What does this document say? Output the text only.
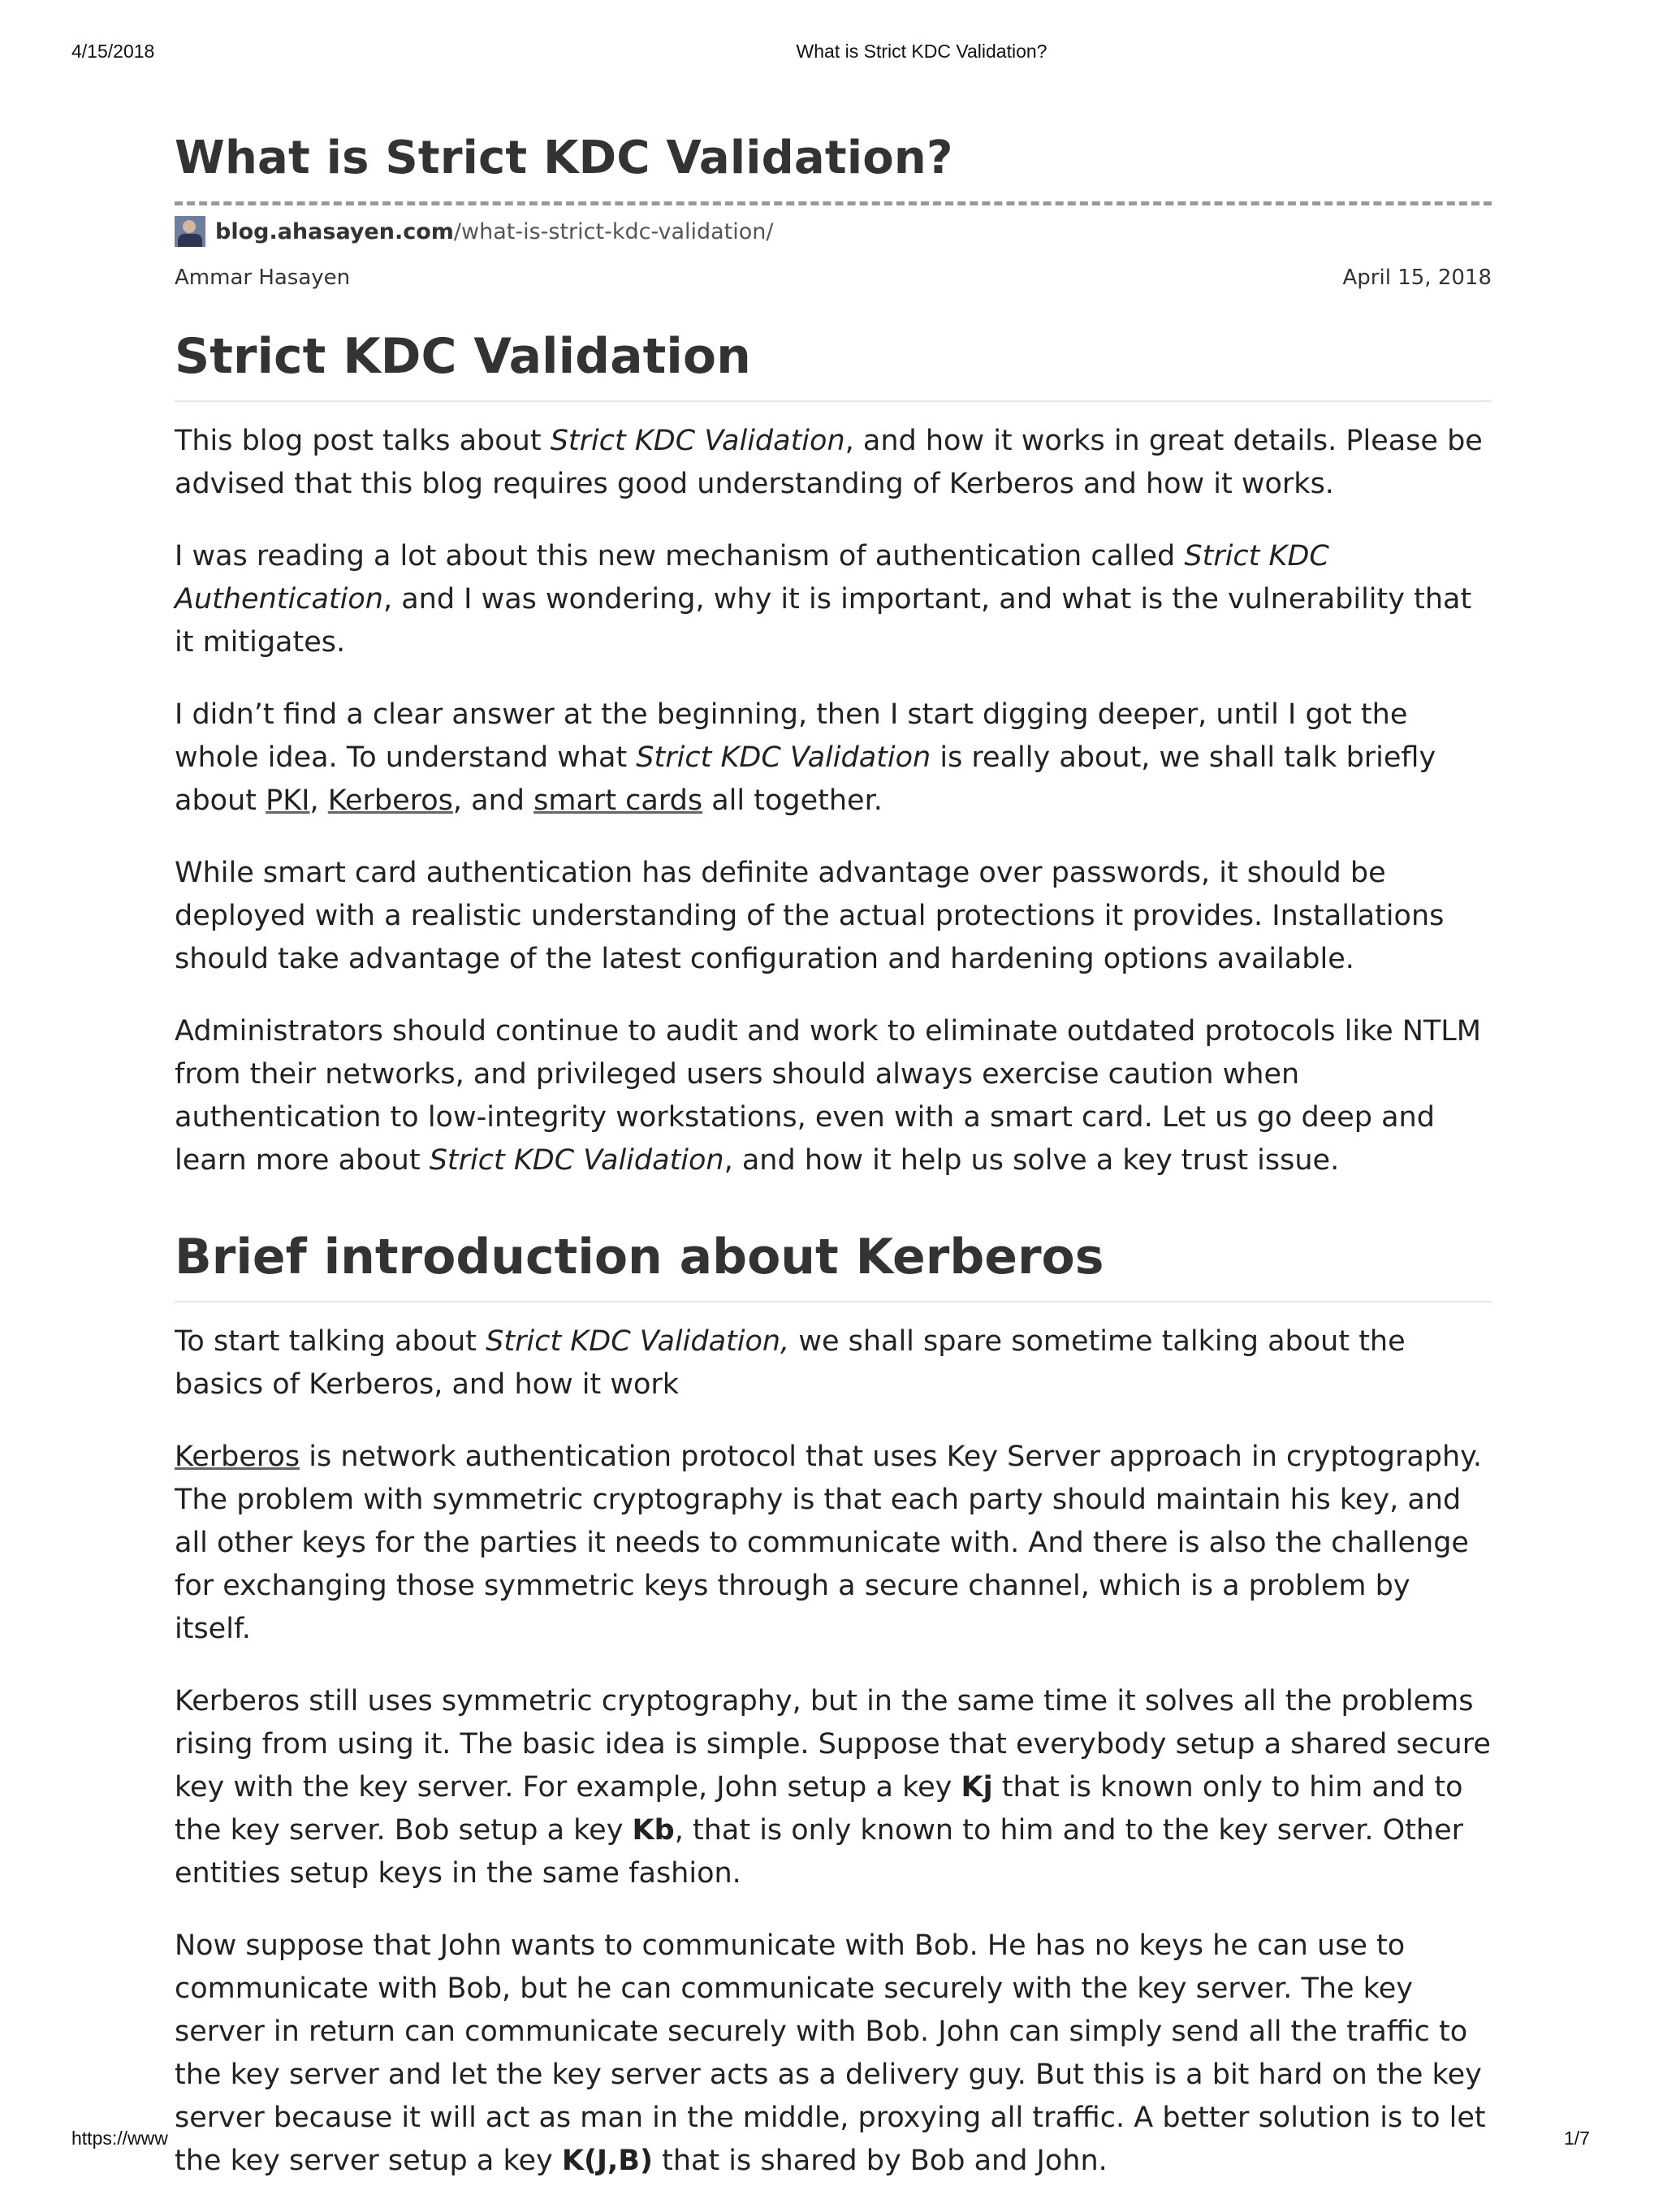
4/15/2018	What is Strict KDC Validation?
What is Strict KDC Validation?
blog.ahasayen.com/what-is-strict-kdc-validation/
Ammar Hasayen	April 15, 2018
Strict KDC Validation

This blog post talks about Strict KDC Validation, and how it works in great details. Please be advised that this blog requires good understanding of Kerberos and how it works.

I was reading a lot about this new mechanism of authentication called Strict KDC Authentication, and I was wondering, why it is important, and what is the vulnerability that it mitigates.

I didn’t find a clear answer at the beginning, then I start digging deeper, until I got the whole idea. To understand what Strict KDC Validation is really about, we shall talk briefly about PKI, Kerberos, and smart cards all together.

While smart card authentication has definite advantage over passwords, it should be deployed with a realistic understanding of the actual protections it provides. Installations should take advantage of the latest configuration and hardening options available.

Administrators should continue to audit and work to eliminate outdated protocols like NTLM from their networks, and privileged users should always exercise caution when authentication to low-integrity workstations, even with a smart card. Let us go deep and learn more about Strict KDC Validation, and how it help us solve a key trust issue.

Brief introduction about Kerberos

To start talking about Strict KDC Validation, we shall spare sometime talking about the basics of Kerberos, and how it work

Kerberos is network authentication protocol that uses Key Server approach in cryptography. The problem with symmetric cryptography is that each party should maintain his key, and all other keys for the parties it needs to communicate with. And there is also the challenge for exchanging those symmetric keys through a secure channel, which is a problem by itself.

Kerberos still uses symmetric cryptography, but in the same time it solves all the problems rising from using it. The basic idea is simple. Suppose that everybody setup a shared secure key with the key server. For example, John setup a key Kj that is known only to him and to the key server. Bob setup a key Kb, that is only known to him and to the key server. Other entities setup keys in the same fashion.

Now suppose that John wants to communicate with Bob. He has no keys he can use to communicate with Bob, but he can communicate securely with the key server. The key server in return can communicate securely with Bob. John can simply send all the traffic to the key server and let the key server acts as a delivery guy. But this is a bit hard on the key server because it will act as man in the middle, proxying all traffic. A better solution is to let the key server setup a key K(J,B) that is shared by Bob and John.

https://www	1/7
